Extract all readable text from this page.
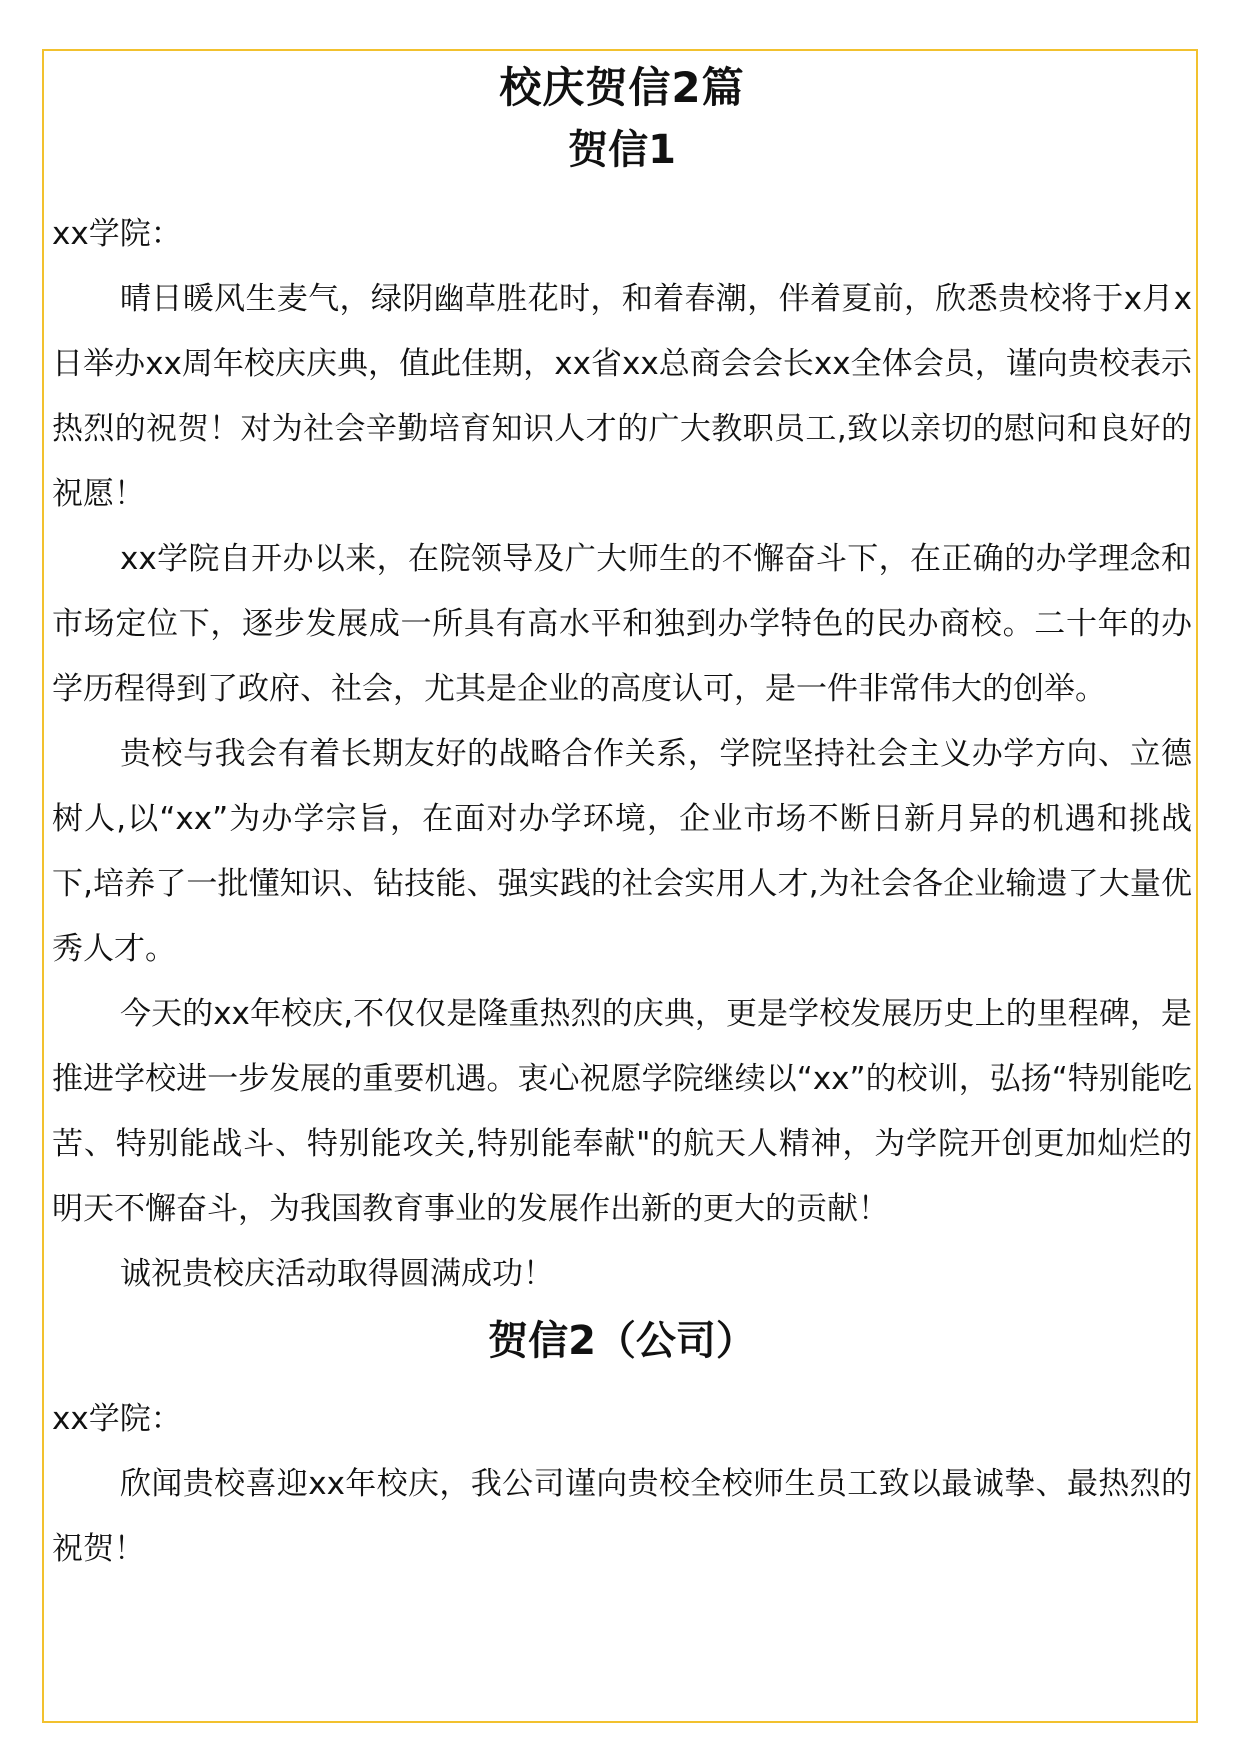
校庆贺信2篇
贺信1

xx学院：

晴日暖风生麦气，绿阴幽草胜花时，和着春潮，伴着夏前，欣悉贵校将于x月x日举办xx周年校庆庆典，值此佳期，xx省xx总商会会长xx全体会员，谨向贵校表示热烈的祝贺！对为社会辛勤培育知识人才的广大教职员工,致以亲切的慰问和良好的祝愿！

xx学院自开办以来，在院领导及广大师生的不懈奋斗下，在正确的办学理念和市场定位下，逐步发展成一所具有高水平和独到办学特色的民办商校。二十年的办学历程得到了政府、社会，尤其是企业的高度认可，是一件非常伟大的创举。

贵校与我会有着长期友好的战略合作关系，学院坚持社会主义办学方向、立德树人,以“xx”为办学宗旨，在面对办学环境，企业市场不断日新月异的机遇和挑战下,培养了一批懂知识、钻技能、强实践的社会实用人才,为社会各企业输遗了大量优秀人才。

今天的xx年校庆,不仅仅是隆重热烈的庆典，更是学校发展历史上的里程碑，是推进学校进一步发展的重要机遇。衷心祝愿学院继续以“xx”的校训，弘扬“特别能吃苦、特别能战斗、特别能攻关,特别能奉献"的航天人精神，为学院开创更加灿烂的明天不懈奋斗，为我国教育事业的发展作出新的更大的贡献！

诚祝贵校庆活动取得圆满成功！

贺信2（公司）

xx学院：

欣闻贵校喜迎xx年校庆，我公司谨向贵校全校师生员工致以最诚挚、最热烈的祝贺！
